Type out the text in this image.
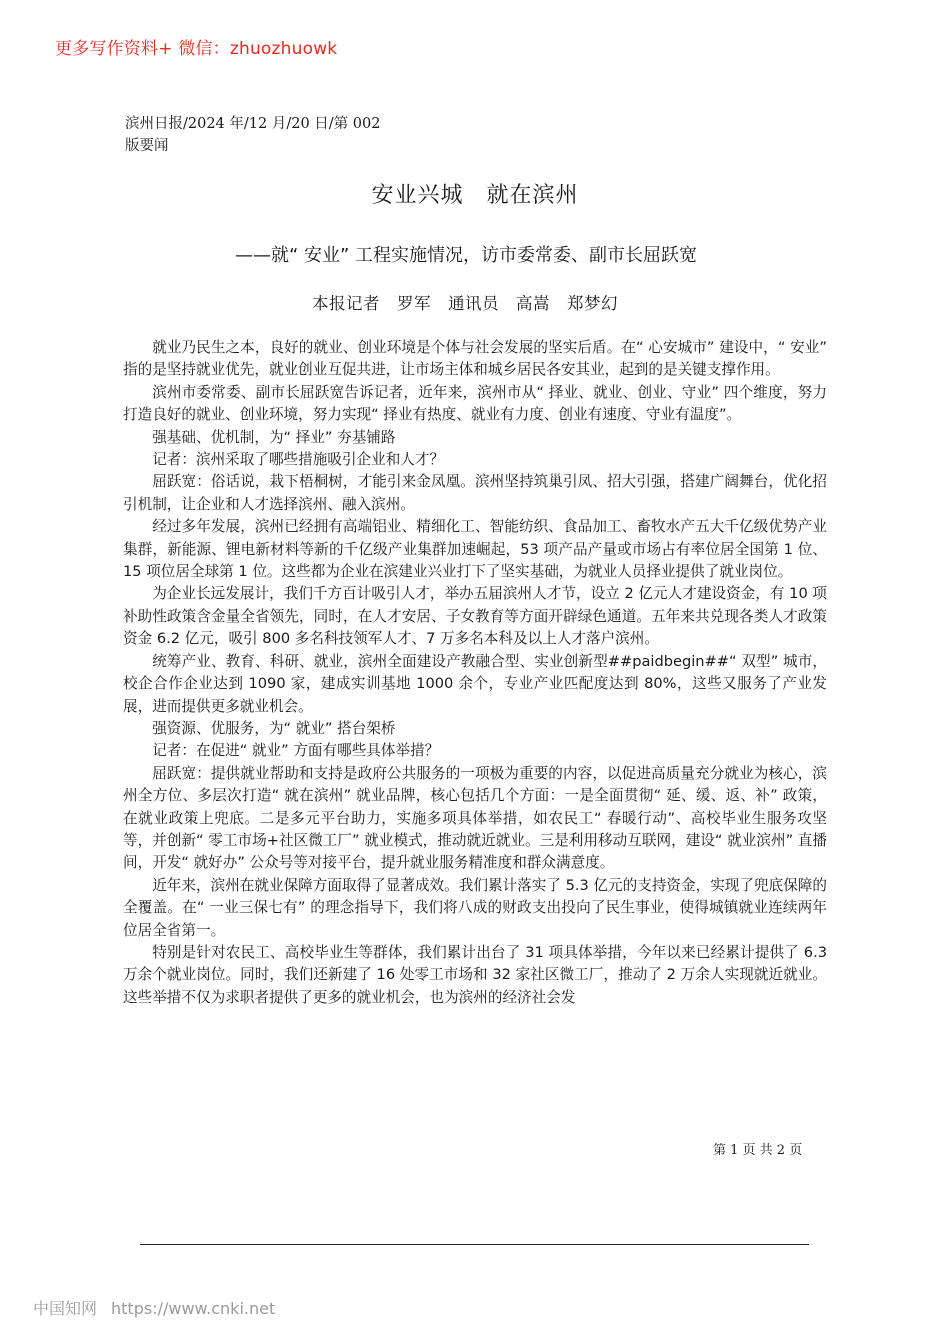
更多写作资料+ 微信：zhuozhuowk
滨州日报/2024 年/12 月/20 日/第 002
版要闻
安业兴城　就在滨州
——就“ 安业” 工程实施情况，访市委常委、副市长屈跃宽
本报记者　罗军　通讯员　高嵩　郑梦幻

就业乃民生之本，良好的就业、创业环境是个体与社会发展的坚实后盾。在“ 心安城市” 建设中，“ 安业” 指的是坚持就业优先，就业创业互促共进，让市场主体和城乡居民各安其业，起到的是关键支撑作用。

滨州市委常委、副市长屈跃宽告诉记者，近年来，滨州市从“ 择业、就业、创业、守业” 四个维度，努力打造良好的就业、创业环境，努力实现“ 择业有热度、就业有力度、创业有速度、守业有温度”。

强基础、优机制，为“ 择业” 夯基铺路

记者：滨州采取了哪些措施吸引企业和人才？

屈跃宽：俗话说，栽下梧桐树，才能引来金凤凰。滨州坚持筑巢引凤、招大引强，搭建广阔舞台，优化招引机制，让企业和人才选择滨州、融入滨州。

经过多年发展，滨州已经拥有高端铝业、精细化工、智能纺织、食品加工、畜牧水产五大千亿级优势产业集群，新能源、锂电新材料等新的千亿级产业集群加速崛起，53 项产品产量或市场占有率位居全国第 1 位、15 项位居全球第 1 位。这些都为企业在滨建业兴业打下了坚实基础，为就业人员择业提供了就业岗位。

为企业长远发展计，我们千方百计吸引人才，举办五届滨州人才节，设立 2 亿元人才建设资金，有 10 项补助性政策含金量全省领先，同时，在人才安居、子女教育等方面开辟绿色通道。五年来共兑现各类人才政策资金 6.2 亿元，吸引 800 多名科技领军人才、7 万多名本科及以上人才落户滨州。

统筹产业、教育、科研、就业，滨州全面建设产教融合型、实业创新型##paidbegin##“ 双型” 城市，校企合作企业达到 1090 家，建成实训基地 1000 余个，专业产业匹配度达到 80%，这些又服务了产业发展，进而提供更多就业机会。

强资源、优服务，为“ 就业” 搭台架桥

记者：在促进“ 就业” 方面有哪些具体举措？

屈跃宽：提供就业帮助和支持是政府公共服务的一项极为重要的内容，以促进高质量充分就业为核心，滨州全方位、多层次打造“ 就在滨州” 就业品牌，核心包括几个方面：一是全面贯彻“ 延、缓、返、补” 政策，在就业政策上兜底。二是多元平台助力，实施多项具体举措，如农民工“ 春暖行动”、高校毕业生服务攻坚等，并创新“ 零工市场+社区微工厂” 就业模式，推动就近就业。三是利用移动互联网，建设“ 就业滨州” 直播间，开发“ 就好办” 公众号等对接平台，提升就业服务精准度和群众满意度。

近年来，滨州在就业保障方面取得了显著成效。我们累计落实了 5.3 亿元的支持资金，实现了兜底保障的全覆盖。在“ 一业三保七有” 的理念指导下，我们将八成的财政支出投向了民生事业，使得城镇就业连续两年位居全省第一。

特别是针对农民工、高校毕业生等群体，我们累计出台了 31 项具体举措，今年以来已经累计提供了 6.3 万余个就业岗位。同时，我们还新建了 16 处零工市场和 32 家社区微工厂，推动了 2 万余人实现就近就业。这些举措不仅为求职者提供了更多的就业机会，也为滨州的经济社会发

第 1 页 共 2 页
中国知网 https://www.cnki.net
